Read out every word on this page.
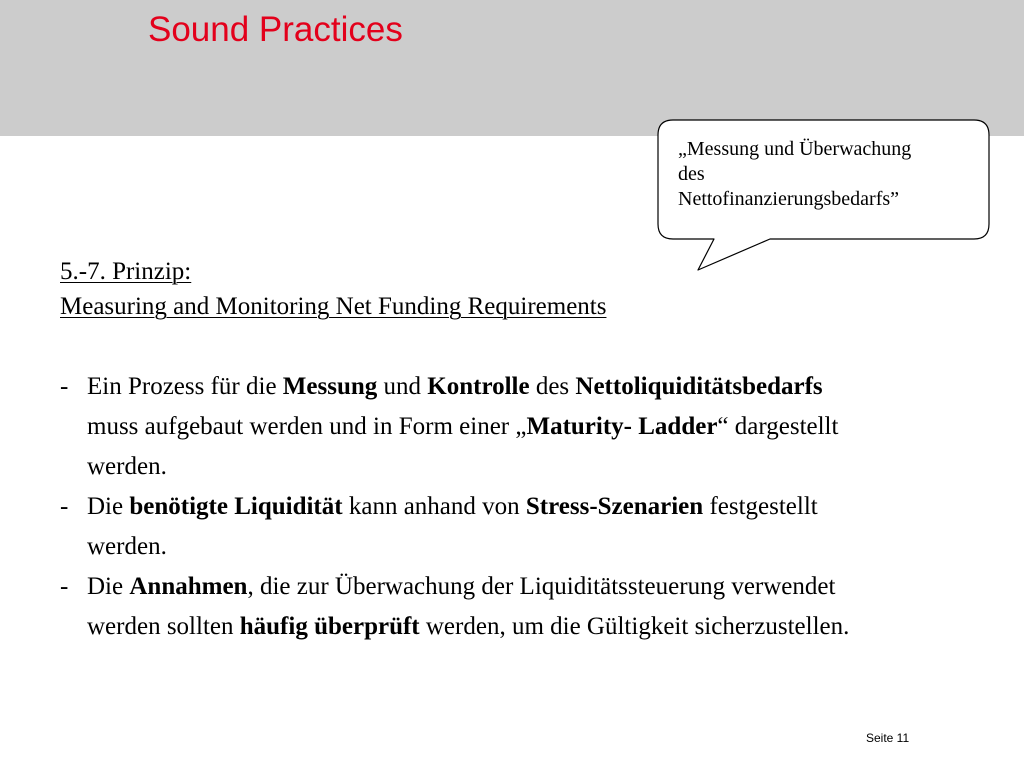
Sound Practices
„Messung und Überwachung
des
Nettofinanzierungsbedarfs”
5.-7. Prinzip:
Measuring and Monitoring Net Funding Requirements
- Ein Prozess für die Messung und Kontrolle des Nettoliquiditätsbedarfs muss aufgebaut werden und in Form einer „Maturity- Ladder“ dargestellt werden.
- Die benötigte Liquidität kann anhand von Stress-Szenarien festgestellt werden.
- Die Annahmen, die zur Überwachung der Liquiditätssteuerung verwendet werden sollten häufig überprüft werden, um die Gültigkeit sicherzustellen.
Seite 11
